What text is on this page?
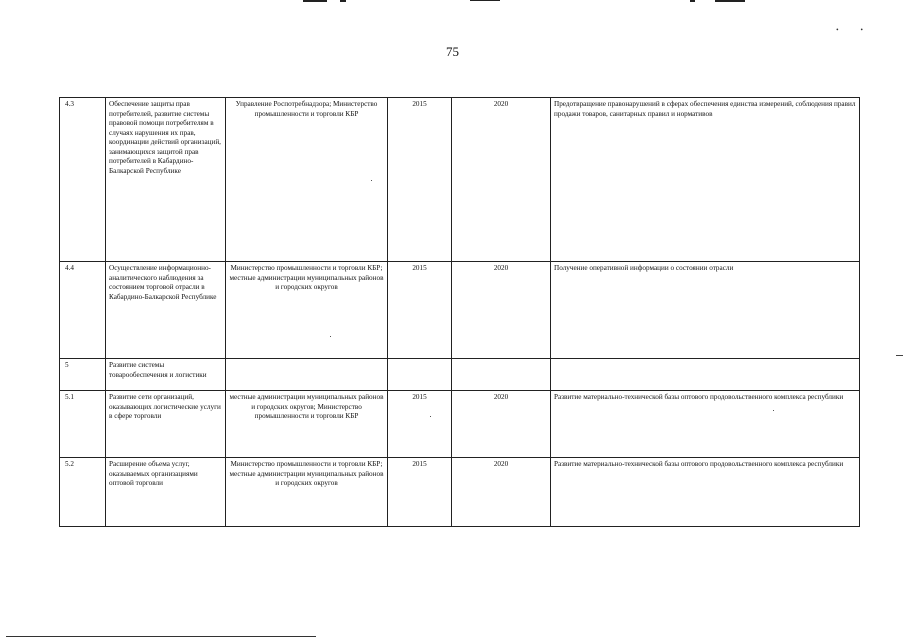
••
75
4.3	Обеспечение защиты прав потребителей, развитие системы правовой помощи потребителям в случаях нарушения их прав, координации действий организаций, занимающихся защитой прав потребителей в Кабардино-Балкарской Республике	Управление Роспотребнадзора; Министерство промышленности и торговли КБР	2015	2020	Предотвращение правонарушений в сферах обеспечения единства измерений, соблюдения правил продажи товаров, санитарных правил и нормативов
4.4	Осуществление информационно-аналитического наблюдения за состоянием торговой отрасли в Кабардино-Балкарской Республике	Министерство промышленности и торговли КБР; местные администрации муниципальных районов и городских округов	2015	2020	Получение оперативной информации о состоянии отрасли
5	Развитие системы товарообеспечения и логистики				
5.1	Развитие сети организаций, оказывающих логистические услуги в сфере торговли	местные администрации муниципальных районов и городских округов; Министерство промышленности и торговли КБР	2015	2020	Развитие материально-технической базы оптового продовольственного комплекса республики
5.2	Расширение объема услуг, оказываемых организациями оптовой торговли	Министерство промышленности и торговли КБР; местные администрации муниципальных районов и городских округов	2015	2020	Развитие материально-технической базы оптового продовольственного комплекса республики
